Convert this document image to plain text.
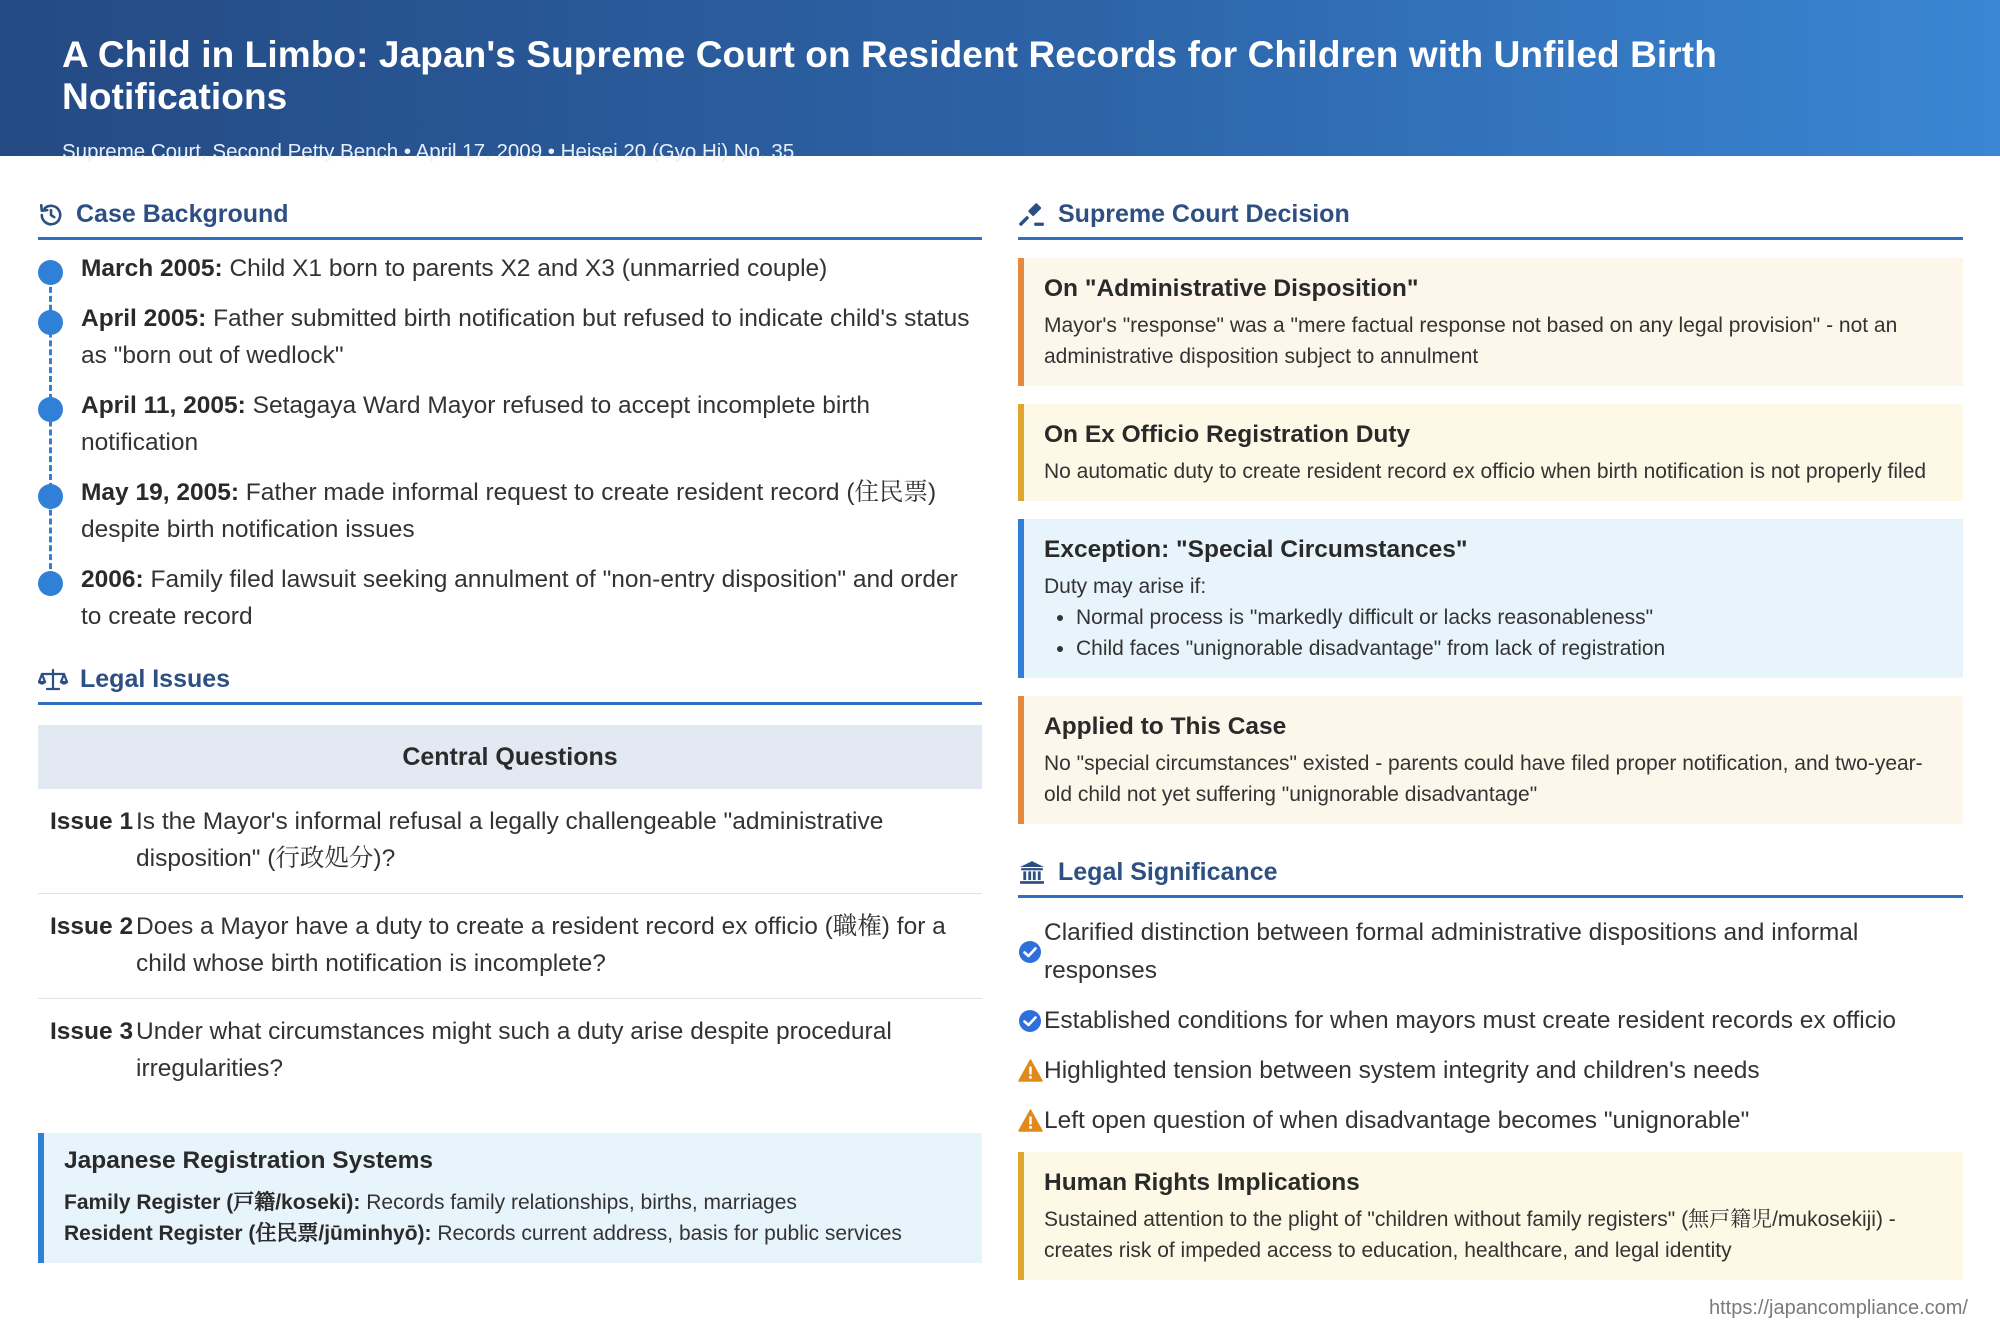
A Child in Limbo: Japan's Supreme Court on Resident Records for Children with Unfiled Birth Notifications
Supreme Court, Second Petty Bench • April 17, 2009 • Heisei 20 (Gyo Hi) No. 35
Case Background
March 2005: Child X1 born to parents X2 and X3 (unmarried couple)
April 2005: Father submitted birth notification but refused to indicate child's status as "born out of wedlock"
April 11, 2005: Setagaya Ward Mayor refused to accept incomplete birth notification
May 19, 2005: Father made informal request to create resident record (住民票) despite birth notification issues
2006: Family filed lawsuit seeking annulment of "non-entry disposition" and order to create record
Legal Issues
Central Questions
Issue 1 Is the Mayor's informal refusal a legally challengeable "administrative disposition" (行政処分)?
Issue 2 Does a Mayor have a duty to create a resident record ex officio (職権) for a child whose birth notification is incomplete?
Issue 3 Under what circumstances might such a duty arise despite procedural irregularities?
Japanese Registration Systems
Family Register (戸籍/koseki): Records family relationships, births, marriages
Resident Register (住民票/jūminhyō): Records current address, basis for public services
Supreme Court Decision
On "Administrative Disposition"
Mayor's "response" was a "mere factual response not based on any legal provision" - not an administrative disposition subject to annulment
On Ex Officio Registration Duty
No automatic duty to create resident record ex officio when birth notification is not properly filed
Exception: "Special Circumstances"
Duty may arise if:
• Normal process is "markedly difficult or lacks reasonableness"
• Child faces "unignorable disadvantage" from lack of registration
Applied to This Case
No "special circumstances" existed - parents could have filed proper notification, and two-year-old child not yet suffering "unignorable disadvantage"
Legal Significance
Clarified distinction between formal administrative dispositions and informal responses
Established conditions for when mayors must create resident records ex officio
Highlighted tension between system integrity and children's needs
Left open question of when disadvantage becomes "unignorable"
Human Rights Implications
Sustained attention to the plight of "children without family registers" (無戸籍児/mukosekiji) - creates risk of impeded access to education, healthcare, and legal identity
https://japancompliance.com/
